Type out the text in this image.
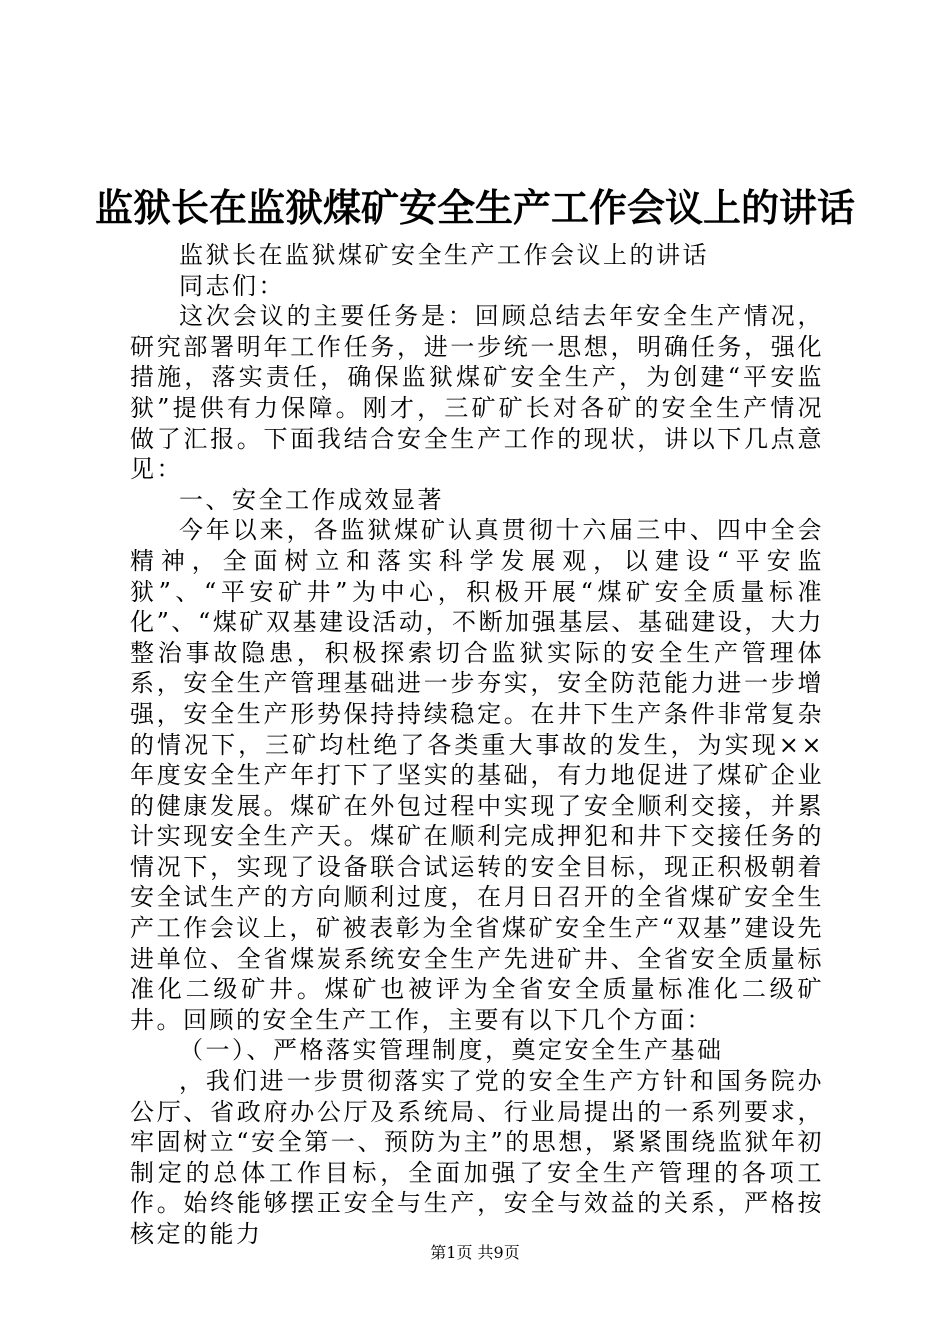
监狱长在监狱煤矿安全生产工作会议上的讲话

监狱长在监狱煤矿安全生产工作会议上的讲话

同志们：

这次会议的主要任务是：回顾总结去年安全生产情况，研究部署明年工作任务，进一步统一思想，明确任务，强化措施，落实责任，确保监狱煤矿安全生产，为创建“平安监狱”提供有力保障。刚才，三矿矿长对各矿的安全生产情况做了汇报。下面我结合安全生产工作的现状，讲以下几点意见：

一、安全工作成效显著

今年以来，各监狱煤矿认真贯彻十六届三中、四中全会精神，全面树立和落实科学发展观，以建设“平安监狱”、“平安矿井”为中心，积极开展“煤矿安全质量标准化”、“煤矿双基建设活动，不断加强基层、基础建设，大力整治事故隐患，积极探索切合监狱实际的安全生产管理体系，安全生产管理基础进一步夯实，安全防范能力进一步增强，安全生产形势保持持续稳定。在井下生产条件非常复杂的情况下，三矿均杜绝了各类重大事故的发生，为实现××年度安全生产年打下了坚实的基础，有力地促进了煤矿企业的健康发展。煤矿在外包过程中实现了安全顺利交接，并累计实现安全生产天。煤矿在顺利完成押犯和井下交接任务的情况下，实现了设备联合试运转的安全目标，现正积极朝着安全试生产的方向顺利过度，在月日召开的全省煤矿安全生产工作会议上，矿被表彰为全省煤矿安全生产“双基”建设先进单位、全省煤炭系统安全生产先进矿井、全省安全质量标准化二级矿井。煤矿也被评为全省安全质量标准化二级矿井。回顾的安全生产工作，主要有以下几个方面：

（一）、严格落实管理制度，奠定安全生产基础

，我们进一步贯彻落实了党的安全生产方针和国务院办公厅、省政府办公厅及系统局、行业局提出的一系列要求，牢固树立“安全第一、预防为主”的思想，紧紧围绕监狱年初制定的总体工作目标，全面加强了安全生产管理的各项工作。始终能够摆正安全与生产，安全与效益的关系，严格按核定的能力

第1页 共9页
